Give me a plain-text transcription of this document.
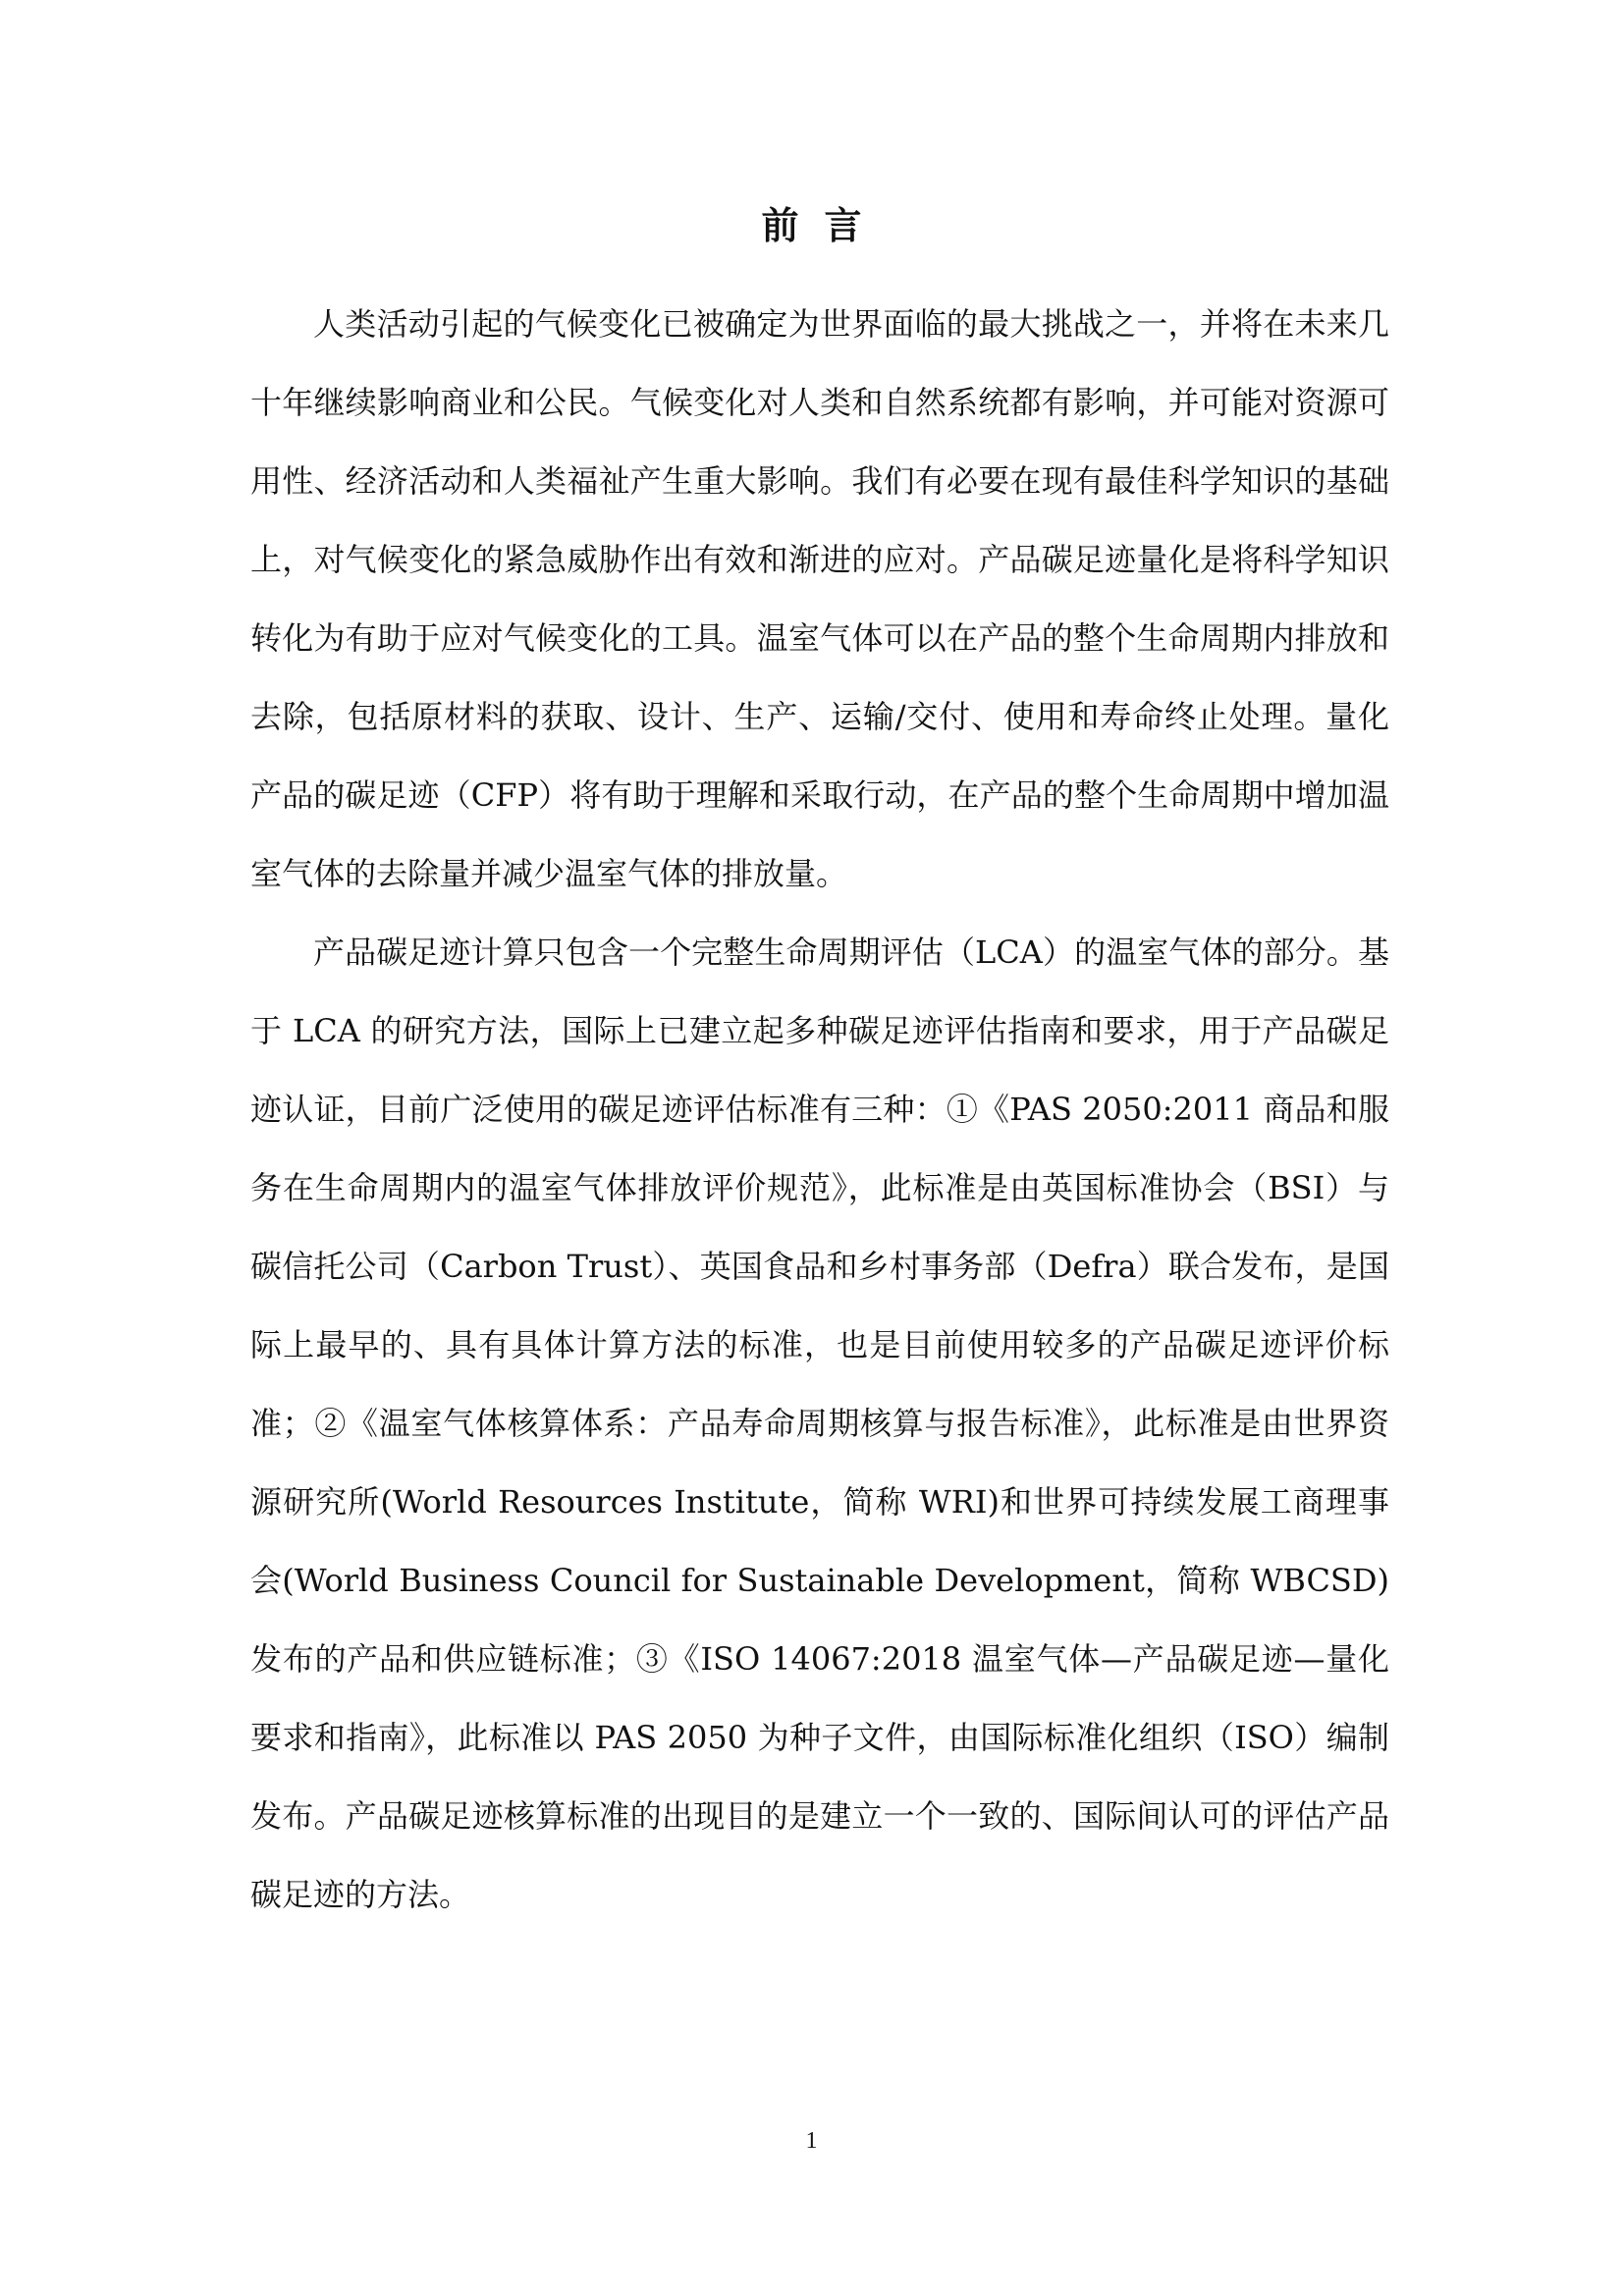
前言

人类活动引起的气候变化已被确定为世界面临的最大挑战之一，并将在未来几十年继续影响商业和公民。气候变化对人类和自然系统都有影响，并可能对资源可用性、经济活动和人类福祉产生重大影响。我们有必要在现有最佳科学知识的基础上，对气候变化的紧急威胁作出有效和渐进的应对。产品碳足迹量化是将科学知识转化为有助于应对气候变化的工具。温室气体可以在产品的整个生命周期内排放和去除，包括原材料的获取、设计、生产、运输/交付、使用和寿命终止处理。量化产品的碳足迹（CFP）将有助于理解和采取行动，在产品的整个生命周期中增加温室气体的去除量并减少温室气体的排放量。

产品碳足迹计算只包含一个完整生命周期评估（LCA）的温室气体的部分。基于 LCA 的研究方法，国际上已建立起多种碳足迹评估指南和要求，用于产品碳足迹认证，目前广泛使用的碳足迹评估标准有三种：①《PAS 2050:2011 商品和服务在生命周期内的温室气体排放评价规范》，此标准是由英国标准协会（BSI）与碳信托公司（Carbon Trust）、英国食品和乡村事务部（Defra）联合发布，是国际上最早的、具有具体计算方法的标准，也是目前使用较多的产品碳足迹评价标准；②《温室气体核算体系：产品寿命周期核算与报告标准》，此标准是由世界资源研究所(World Resources Institute，简称 WRI)和世界可持续发展工商理事会(World Business Council for Sustainable Development，简称 WBCSD)发布的产品和供应链标准；③《ISO 14067:2018 温室气体—产品碳足迹—量化要求和指南》，此标准以 PAS 2050 为种子文件，由国际标准化组织（ISO）编制发布。产品碳足迹核算标准的出现目的是建立一个一致的、国际间认可的评估产品碳足迹的方法。

1
